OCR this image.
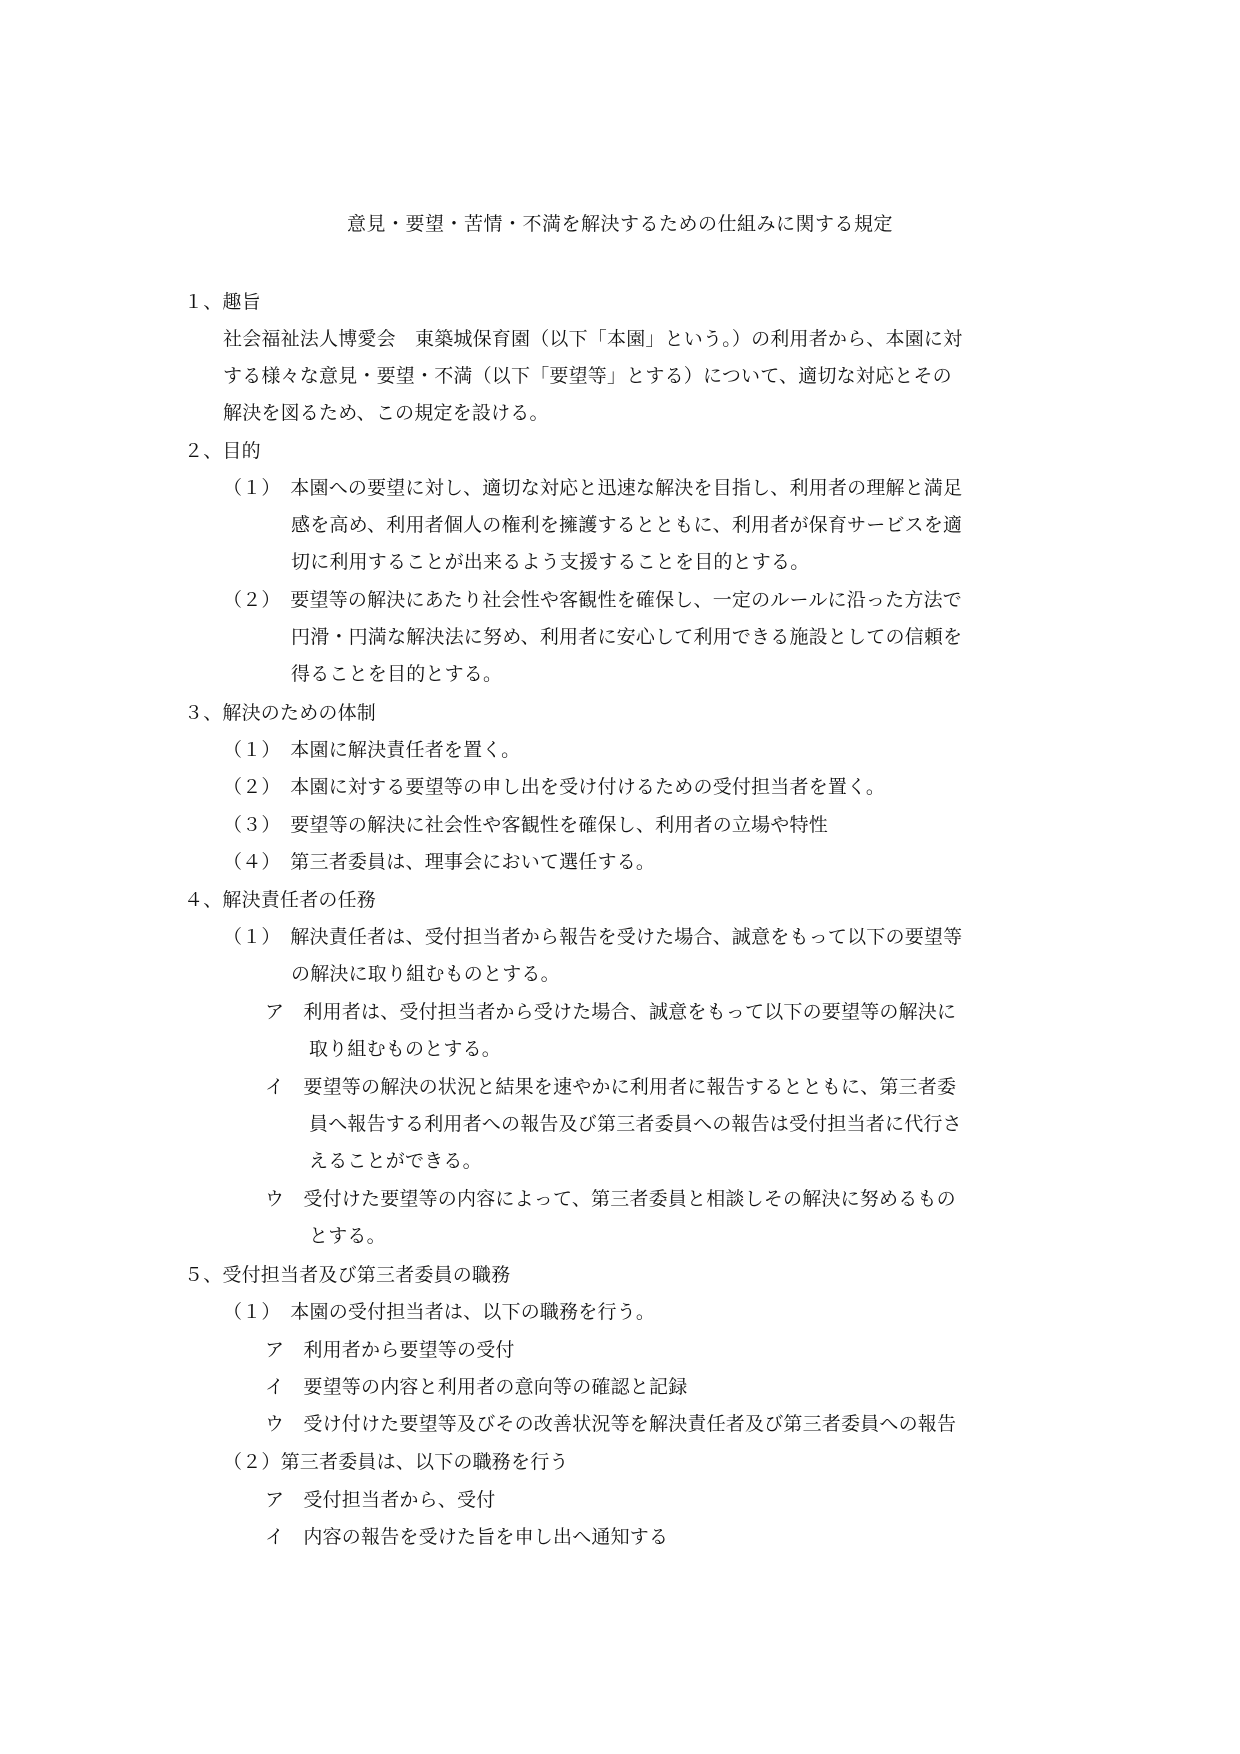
意見・要望・苦情・不満を解決するための仕組みに関する規定
１、趣旨
社会福祉法人博愛会　東築城保育園（以下「本園」という。）の利用者から、本園に対
する様々な意見・要望・不満（以下「要望等」とする）について、適切な対応とその
解決を図るため、この規定を設ける。
２、目的
（１）　本園への要望に対し、適切な対応と迅速な解決を目指し、利用者の理解と満足
感を高め、利用者個人の権利を擁護するとともに、利用者が保育サービスを適
切に利用することが出来るよう支援することを目的とする。
（２）　要望等の解決にあたり社会性や客観性を確保し、一定のルールに沿った方法で
円滑・円満な解決法に努め、利用者に安心して利用できる施設としての信頼を
得ることを目的とする。
３、解決のための体制
（１）　本園に解決責任者を置く。
（２）　本園に対する要望等の申し出を受け付けるための受付担当者を置く。
（３）　要望等の解決に社会性や客観性を確保し、利用者の立場や特性
（４）　第三者委員は、理事会において選任する。
４、解決責任者の任務
（１）　解決責任者は、受付担当者から報告を受けた場合、誠意をもって以下の要望等
の解決に取り組むものとする。
ア　利用者は、受付担当者から受けた場合、誠意をもって以下の要望等の解決に
取り組むものとする。
イ　要望等の解決の状況と結果を速やかに利用者に報告するとともに、第三者委
員へ報告する利用者への報告及び第三者委員への報告は受付担当者に代行さ
えることができる。
ウ　受付けた要望等の内容によって、第三者委員と相談しその解決に努めるもの
とする。
５、受付担当者及び第三者委員の職務
（１）　本園の受付担当者は、以下の職務を行う。
ア　利用者から要望等の受付
イ　要望等の内容と利用者の意向等の確認と記録
ウ　受け付けた要望等及びその改善状況等を解決責任者及び第三者委員への報告
（２）第三者委員は、以下の職務を行う
ア　受付担当者から、受付
イ　内容の報告を受けた旨を申し出へ通知する
